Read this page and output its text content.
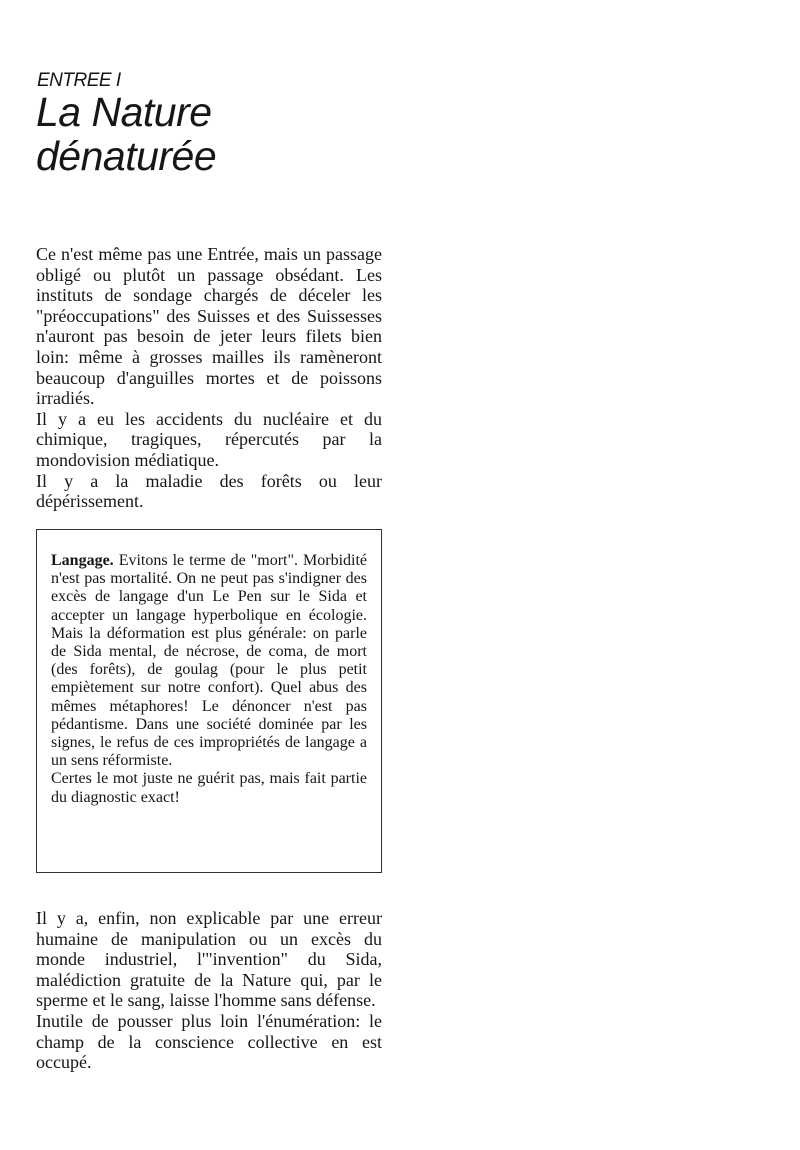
ENTREE I
La Nature
dénaturée

Ce n'est même pas une Entrée, mais un passage obligé ou plutôt un passage obsédant. Les instituts de sondage chargés de déceler les "préoccupations" des Suisses et des Suissesses n'auront pas besoin de jeter leurs filets bien loin: même à grosses mailles ils ramèneront beaucoup d'anguilles mortes et de poissons irradiés.

Il y a eu les accidents du nucléaire et du chimique, tragiques, répercutés par la mondovision médiatique.

Il y a la maladie des forêts ou leur dépérissement.

Langage. Evitons le terme de "mort". Morbidité n'est pas mortalité. On ne peut pas s'indigner des excès de langage d'un Le Pen sur le Sida et accepter un langage hyperbolique en écologie. Mais la déformation est plus générale: on parle de Sida mental, de nécrose, de coma, de mort (des forêts), de goulag (pour le plus petit empiètement sur notre confort). Quel abus des mêmes métaphores! Le dénoncer n'est pas pédantisme. Dans une société dominée par les signes, le refus de ces impropriétés de langage a un sens réformiste.

Certes le mot juste ne guérit pas, mais fait partie du diagnostic exact!

Il y a, enfin, non explicable par une erreur humaine de manipulation ou un excès du monde industriel, l'"invention" du Sida, malédiction gratuite de la Nature qui, par le sperme et le sang, laisse l'homme sans défense.

Inutile de pousser plus loin l'énumération: le champ de la conscience collective en est occupé.
